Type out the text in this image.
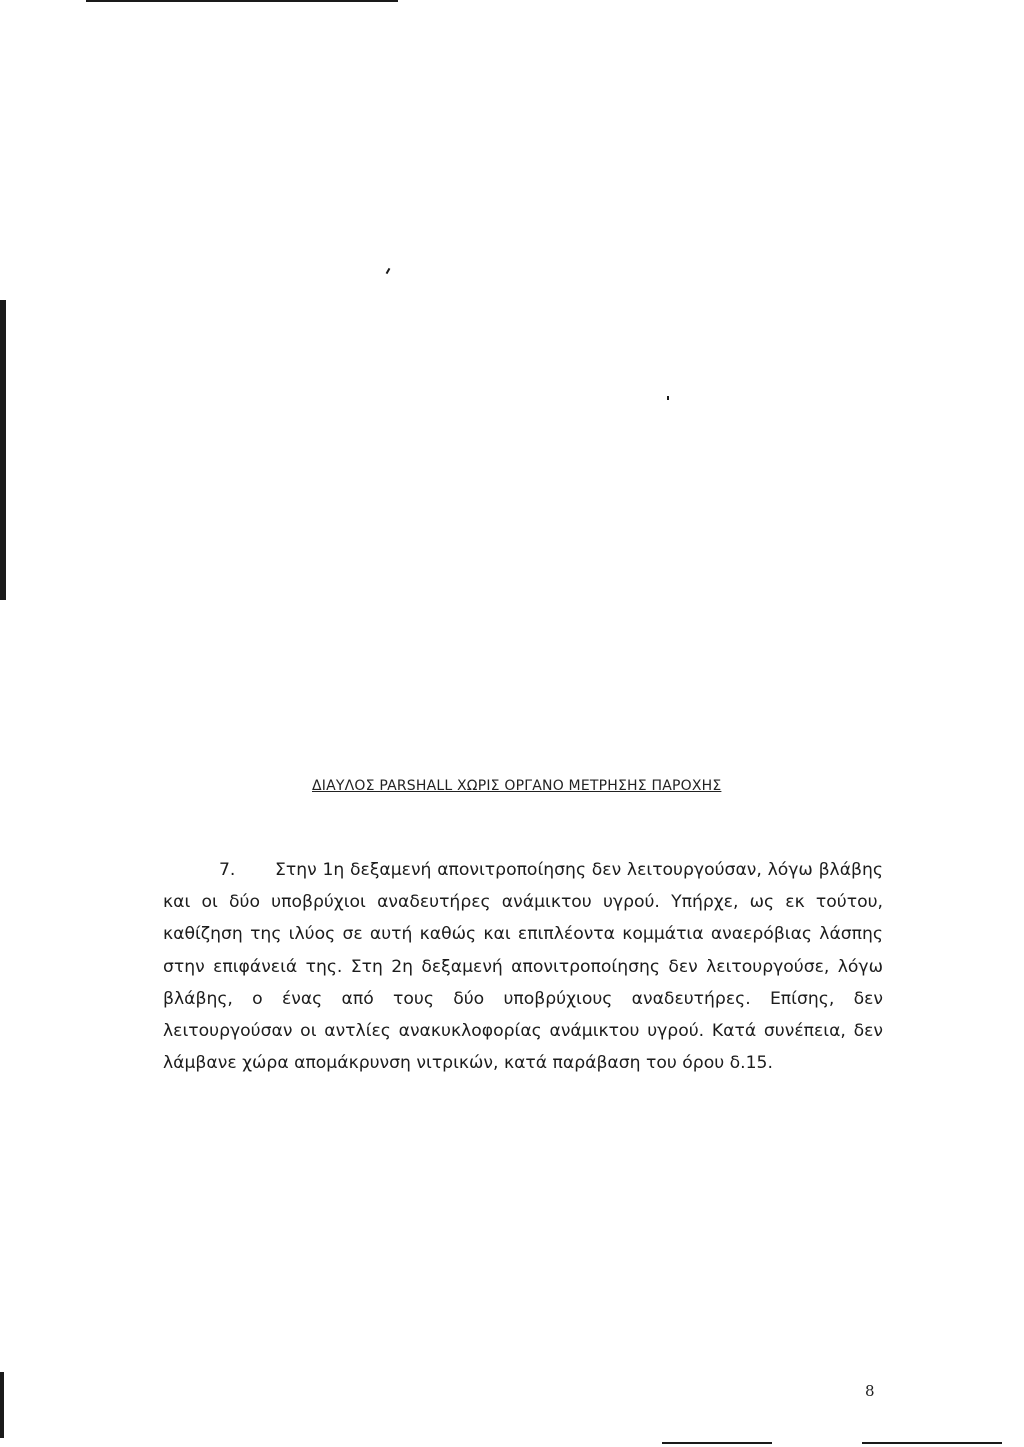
ΔΙΑΥΛΟΣ PARSHALL ΧΩΡΙΣ ΟΡΓΑΝΟ ΜΕΤΡΗΣΗΣ ΠΑΡΟΧΗΣ
7. Στην 1η δεξαμενή απονιτροποίησης δεν λειτουργούσαν, λόγω βλάβης και οι δύο υποβρύχιοι αναδευτήρες ανάμικτου υγρού. Υπήρχε, ως εκ τούτου, καθίζηση της ιλύος σε αυτή καθώς και επιπλέοντα κομμάτια αναερόβιας λάσπης στην επιφάνειά της. Στη 2η δεξαμενή απονιτροποίησης δεν λειτουργούσε, λόγω βλάβης, ο ένας από τους δύο υποβρύχιους αναδευτήρες. Επίσης, δεν λειτουργούσαν οι αντλίες ανακυκλοφορίας ανάμικτου υγρού. Κατά συνέπεια, δεν λάμβανε χώρα απομάκρυνση νιτρικών, κατά παράβαση του όρου δ.15.
8
